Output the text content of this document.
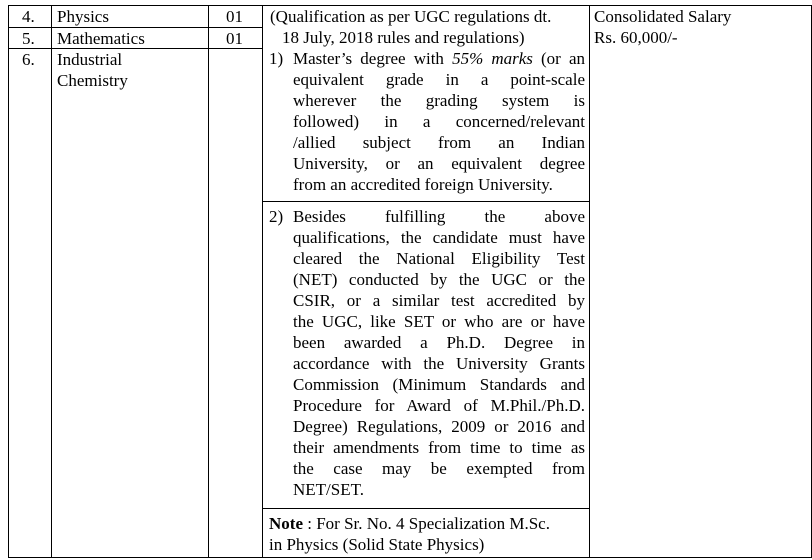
4. Physics	01
5. Mathematics	01
6. Industrial
Chemistry
(Qualification as per UGC regulations dt.
18 July, 2018 rules and regulations)
1) Master’s degree with 55% marks (or an
equivalent grade in a point-scale
wherever the grading system is
followed) in a concerned/relevant
/allied subject from an Indian
University, or an equivalent degree
from an accredited foreign University.
2) Besides fulfilling the above
qualifications, the candidate must have
cleared the National Eligibility Test
(NET) conducted by the UGC or the
CSIR, or a similar test accredited by
the UGC, like SET or who are or have
been awarded a Ph.D. Degree in
accordance with the University Grants
Commission (Minimum Standards and
Procedure for Award of M.Phil./Ph.D.
Degree) Regulations, 2009 or 2016 and
their amendments from time to time as
the case may be exempted from
NET/SET.
Note : For Sr. No. 4 Specialization M.Sc.
in Physics (Solid State Physics)
Consolidated Salary
Rs. 60,000/-
